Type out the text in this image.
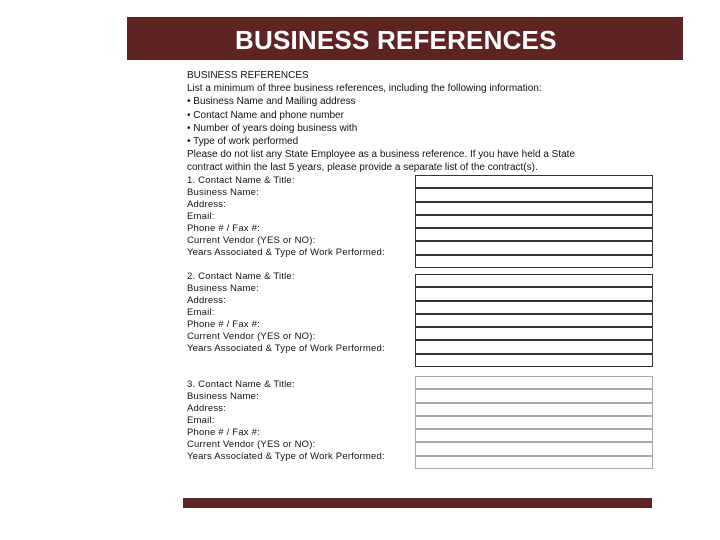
BUSINESS REFERENCES
BUSINESS REFERENCES
List a minimum of three business references, including the following information:
• Business Name and Mailing address
• Contact Name and phone number
• Number of years doing business with
• Type of work performed
Please do not list any State Employee as a business reference. If you have held a State
contract within the last 5 years, please provide a separate list of the contract(s).
1. Contact Name & Title:
Business Name:
Address:
Email:
Phone # / Fax #:
Current Vendor (YES or NO):
Years Associated & Type of Work Performed:
2. Contact Name & Title:
Business Name:
Address:
Email:
Phone # / Fax #:
Current Vendor (YES or NO):
Years Associated & Type of Work Performed:
3. Contact Name & Title:
Business Name:
Address:
Email:
Phone # / Fax #:
Current Vendor (YES or NO):
Years Associated & Type of Work Performed:
